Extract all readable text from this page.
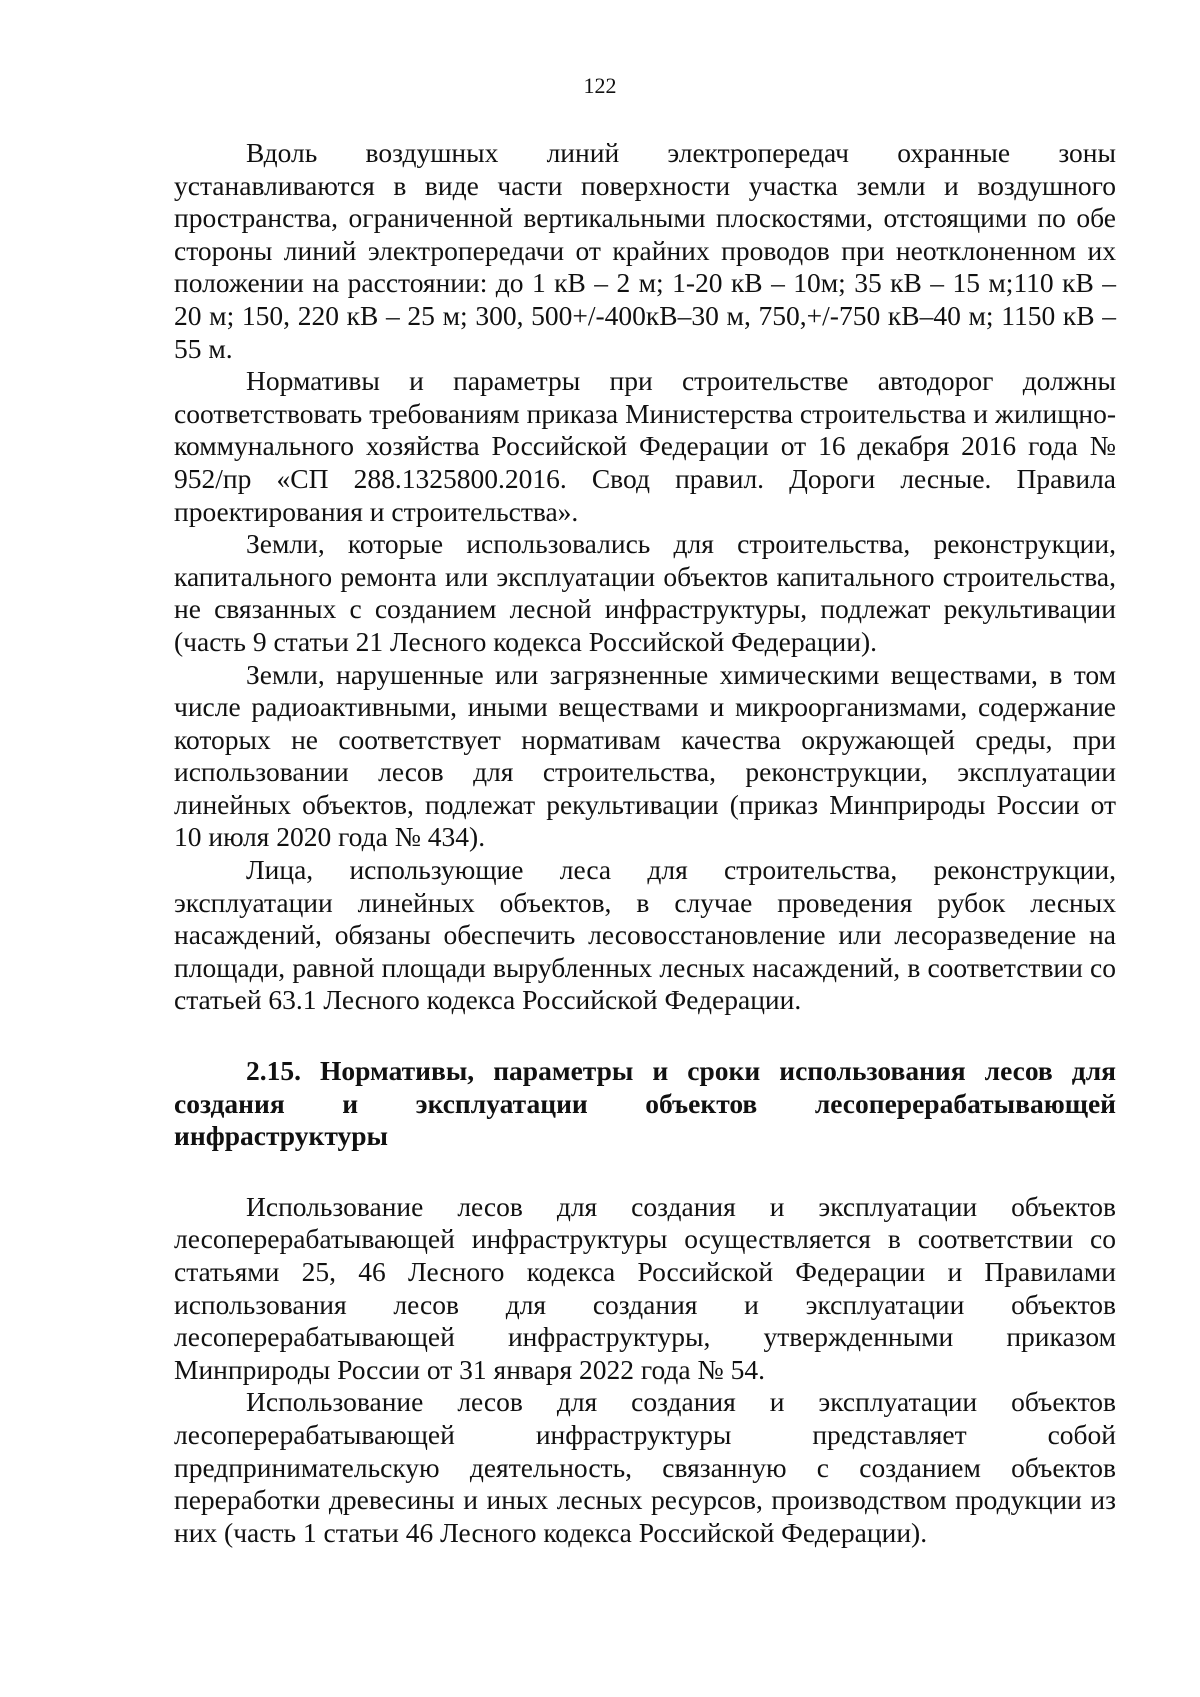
122

Вдоль воздушных линий электропередач охранные зоны устанавливаются в виде части поверхности участка земли и воздушного пространства, ограниченной вертикальными плоскостями, отстоящими по обе стороны линий электропередачи от крайних проводов при неотклоненном их положении на расстоянии: до 1 кВ – 2 м; 1-20 кВ – 10м; 35 кВ – 15 м;110 кВ – 20 м; 150, 220 кВ – 25 м; 300, 500+/-400кВ–30 м, 750,+/-750 кВ–40 м; 1150 кВ – 55 м.

Нормативы и параметры при строительстве автодорог должны соответствовать требованиям приказа Министерства строительства и жилищно-коммунального хозяйства Российской Федерации от 16 декабря 2016 года № 952/пр «СП 288.1325800.2016. Свод правил. Дороги лесные. Правила проектирования и строительства».

Земли, которые использовались для строительства, реконструкции, капитального ремонта или эксплуатации объектов капитального строительства, не связанных с созданием лесной инфраструктуры, подлежат рекультивации (часть 9 статьи 21 Лесного кодекса Российской Федерации).

Земли, нарушенные или загрязненные химическими веществами, в том числе радиоактивными, иными веществами и микроорганизмами, содержание которых не соответствует нормативам качества окружающей среды, при использовании лесов для строительства, реконструкции, эксплуатации линейных объектов, подлежат рекультивации (приказ Минприроды России от 10 июля 2020 года № 434).

Лица, использующие леса для строительства, реконструкции, эксплуатации линейных объектов, в случае проведения рубок лесных насаждений, обязаны обеспечить лесовосстановление или лесоразведение на площади, равной площади вырубленных лесных насаждений, в соответствии со статьей 63.1 Лесного кодекса Российской Федерации.

2.15. Нормативы, параметры и сроки использования лесов для создания и эксплуатации объектов лесоперерабатывающей инфраструктуры

Использование лесов для создания и эксплуатации объектов лесоперерабатывающей инфраструктуры осуществляется в соответствии со статьями 25, 46 Лесного кодекса Российской Федерации и Правилами использования лесов для создания и эксплуатации объектов лесоперерабатывающей инфраструктуры, утвержденными приказом Минприроды России от 31 января 2022 года № 54.

Использование лесов для создания и эксплуатации объектов лесоперерабатывающей инфраструктуры представляет собой предпринимательскую деятельность, связанную с созданием объектов переработки древесины и иных лесных ресурсов, производством продукции из них (часть 1 статьи 46 Лесного кодекса Российской Федерации).
